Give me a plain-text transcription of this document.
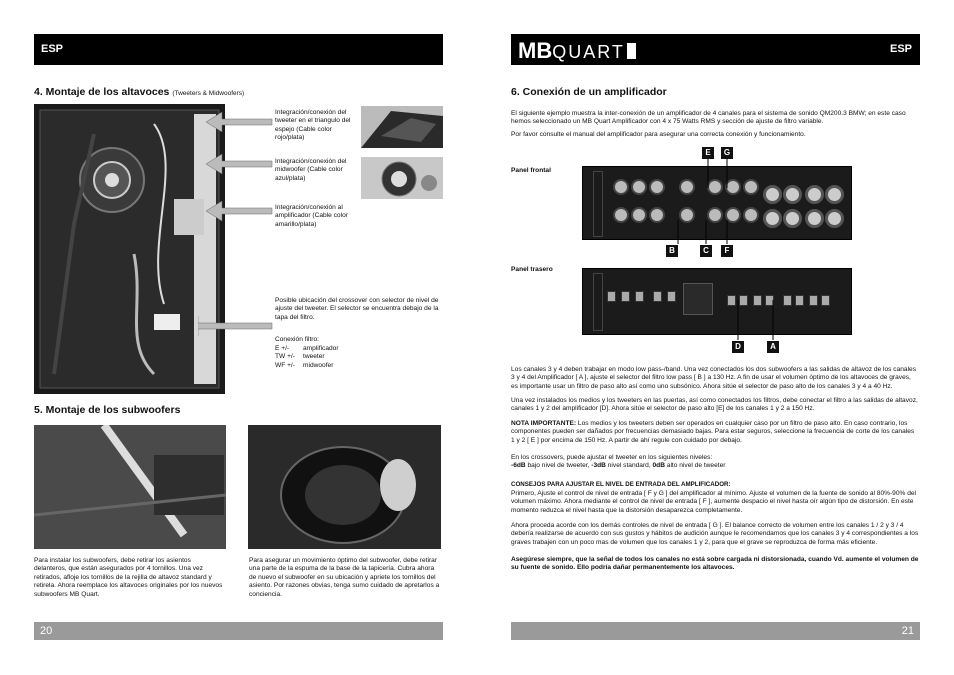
ESP
4. Montaje de los altavoces (Tweeters & Midwoofers)
Integración/conexión del tweeter en el triangulo del espejo (Cable color rojo/plata)
Integración/conexión del midwoofer (Cable color azul/plata)
Integración/conexión al amplificador (Cable color amarillo/plata)
Posible ubicación del crossover con selector de nivel de ajuste del tweeter. El selector se encuentra debajo de la tapa del filtro.
Conexión filtro:
E +/- amplificador
TW +/- tweeter
WF +/- midwoofer
5. Montaje de los subwoofers
Para instalar los subwoofers, debe retirar los asientos delanteros, que están asegurados por 4 tornillos. Una vez retirados, afloje los tornillos de la rejilla de altavoz standard y retirela. Ahora reemplace los altavoces originales por los nuevos subwoofers MB Quart.
Para asegurar un movimiento óptimo del subwoofer, debe retirar una parte de la espuma de la base de la tapicería. Cubra ahora de nuevo el subwoofer en su ubicación y apriete los tornillos del asiento. Por razones obvias, tenga sumo cuidado de apretarlos a conciencia.
20
MBQUART	ESP
6. Conexión de un amplificador
El siguiente ejemplo muestra la inter-conexión de un amplificador de 4 canales para el sistema de sonido QM200.3 BMW; en este caso hemos seleccionado un MB Quart Amplificador con 4 x 75 Watts RMS y sección de ajuste de filtro variable.
Por favor consulte el manual del amplificador para asegurar una correcta conexión y funcionamiento.
Panel frontal
Panel trasero
E	G
B	C	F
D	A
Los canales 3 y 4 deben trabajar en modo low pass-/band. Una vez conectados los dos subwoofers a las salidas de altavoz de los canales 3 y 4 del Amplificador [ A ], ajuste el selector del filtro low pass [ B ] a 130 Hz. A fin de usar el volumen óptimo de los altavoces de graves, es importante usar un filtro de paso alto así como uno subsónico. Ahora sitúe el selector de paso alto de los canales 3 y 4 a 40 Hz.
Una vez instalados los medios y los tweeters en las puertas, así como conectados los filtros, debe conectar el filtro a las salidas de altavoz, canales 1 y 2 del amplificador [D]. Ahora sitúe el selector de paso alto [E] de los canales 1 y 2 a 150 Hz.
NOTA IMPORTANTE: Los medios y los tweeters deben ser operados en cualquier caso por un filtro de paso alto. En caso contrario, los componentes pueden ser dañados por frecuencias demasiado bajas. Para estar seguros, seleccione la frecuencia de corte de los canales 1 y 2 [ E ] por encima de 150 Hz. A partir de ahí regule con cuidado por debajo.
En los crossovers, puede ajustar el tweeter en los siguientes niveles:
-6dB bajo nivel de tweeter, -3dB nivel standard, 0dB alto nivel de tweeter
CONSEJOS PARA AJUSTAR EL NIVEL DE ENTRADA DEL AMPLIFICADOR:
Primero, Ajuste el control de nivel de entrada [ F y G ] del amplificador al mínimo. Ajuste el volumen de la fuente de sonido al 80%-90% del volumen máximo. Ahora mediante el control de nivel de entrada [ F ], aumente despacio el nivel hasta oír algún tipo de distorsión. En este momento reduzca el nivel hasta que la distorsión desaparezca completamente.
Ahora proceda acorde con los demás controles de nivel de entrada [ G ]. El balance correcto de volumen entre los canales 1 / 2 y 3 / 4 debería realizarse de acuerdo con sus gustos y hábitos de audición aunque le recomendamos que los canales 3 y 4 correspondientes a los graves trabajen con un poco mas de volumen que los canales 1 y 2, para que el grave se reproduzca de forma más eficiente.
Asegúrese siempre, que la señal de todos los canales no está sobre cargada ni distorsionada, cuando Vd. aumente el volumen de su fuente de sonido. Ello podría dañar permanentemente los altavoces.
21
